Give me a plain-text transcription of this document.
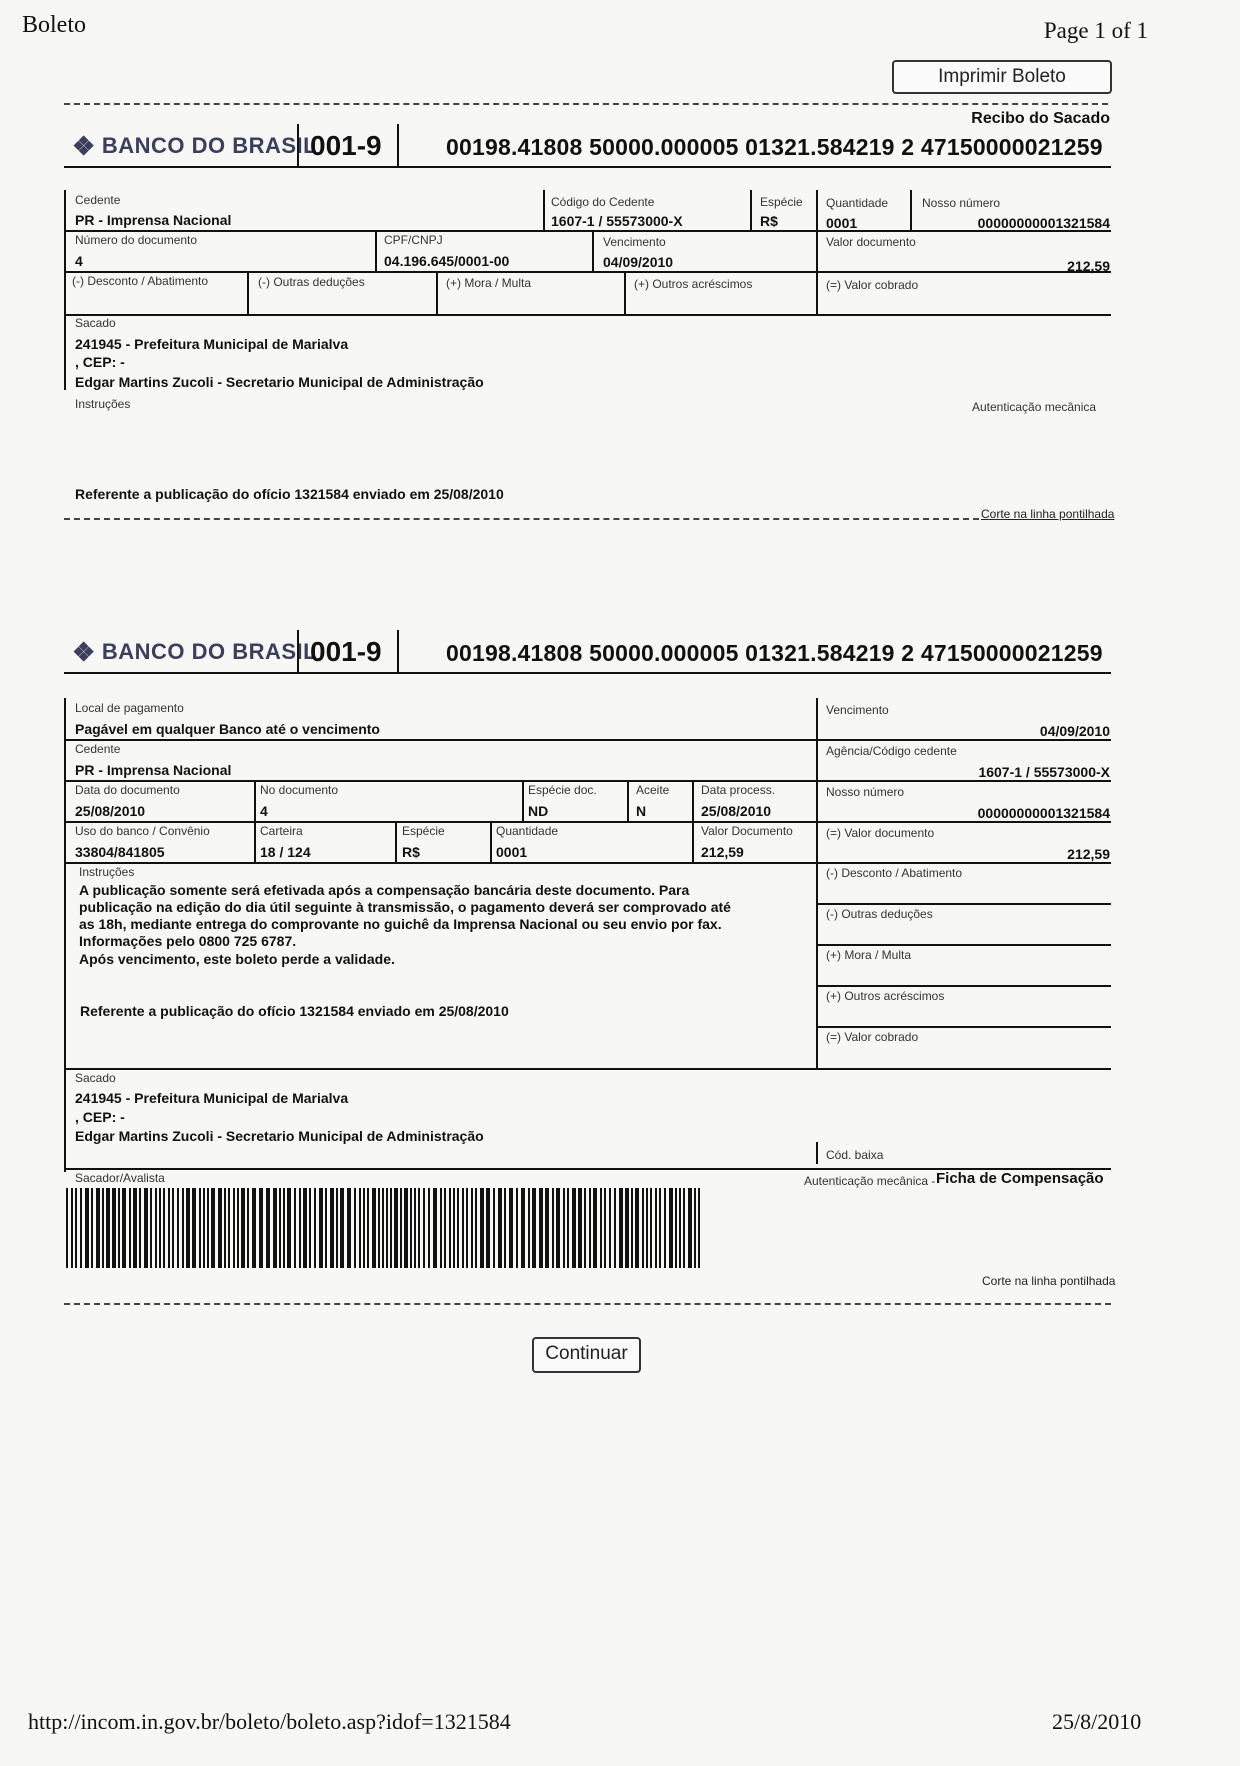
Boleto	Page 1 of 1
Imprimir Boleto
Recibo do Sacado
❖ BANCO DO BRASIL
001-9	00198.41808 50000.000005 01321.584219 2 47150000021259
Cedente
PR - Imprensa Nacional
Código do Cedente
1607-1 / 55573000-X
Espécie
R$
Quantidade
0001
Nosso número
00000000001321584
Número do documento
4
CPF/CNPJ
04.196.645/0001-00
Vencimento
04/09/2010
Valor documento
212,59
(-) Desconto / Abatimento	(-) Outras deduções	(+) Mora / Multa	(+) Outros acréscimos	(=) Valor cobrado
Sacado
241945 - Prefeitura Municipal de Marialva
, CEP: -
Edgar Martins Zucoli - Secretario Municipal de Administração
Instruções	Autenticação mecânica
Referente a publicação do ofício 1321584 enviado em 25/08/2010
Corte na linha pontilhada
❖ BANCO DO BRASIL
001-9	00198.41808 50000.000005 01321.584219 2 47150000021259
Local de pagamento
Pagável em qualquer Banco até o vencimento
Vencimento
04/09/2010
Cedente
PR - Imprensa Nacional
Agência/Código cedente
1607-1 / 55573000-X
Data do documento
25/08/2010
No documento
4
Espécie doc.
ND
Aceite
N
Data process.
25/08/2010
Nosso número
00000000001321584
Uso do banco / Convênio
33804/841805
Carteira
18 / 124
Espécie
R$
Quantidade
0001
Valor Documento
212,59
(=) Valor documento
212,59
Instruções
A publicação somente será efetivada após a compensação bancária deste documento. Para
publicação na edição do dia útil seguinte à transmissão, o pagamento deverá ser comprovado até
as 18h, mediante entrega do comprovante no guichê da Imprensa Nacional ou seu envio por fax.
Informações pelo 0800 725 6787.
Após vencimento, este boleto perde a validade.
Referente a publicação do ofício 1321584 enviado em 25/08/2010
(-) Desconto / Abatimento
(-) Outras deduções
(+) Mora / Multa
(+) Outros acréscimos
(=) Valor cobrado
Sacado
241945 - Prefeitura Municipal de Marialva
, CEP: -
Edgar Martins Zucoli - Secretario Municipal de Administração
Cód. baixa
Sacador/Avalista	Autenticação mecânica - Ficha de Compensação
Corte na linha pontilhada
Continuar
http://incom.in.gov.br/boleto/boleto.asp?idof=1321584	25/8/2010
